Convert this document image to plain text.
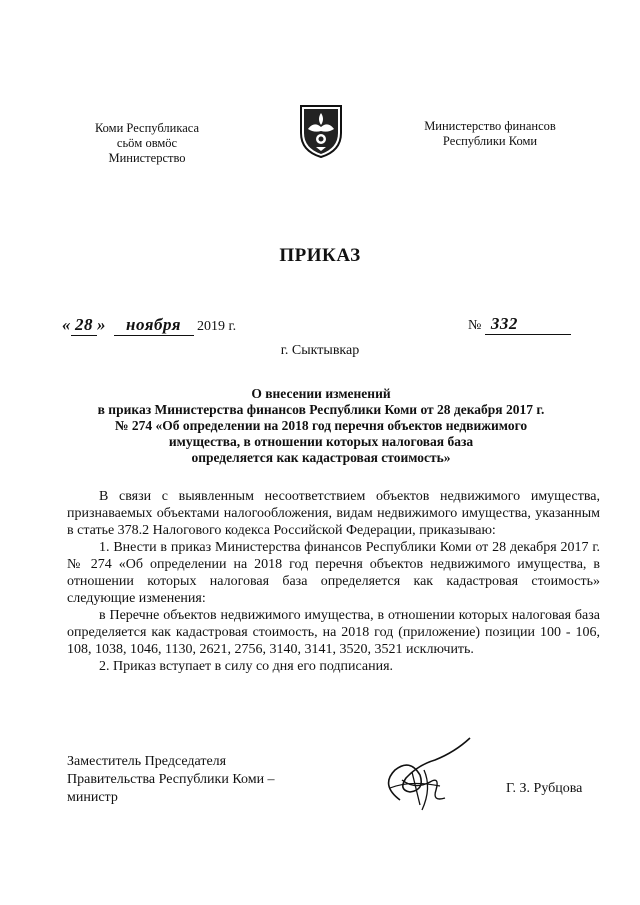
Коми Республикаса
сьӧм овмӧс
Министерство
Министерство финансов
Республики Коми
ПРИКАЗ
« 28 » ноября 2019 г.	№ 332
г. Сыктывкар
О внесении изменений
в приказ Министерства финансов Республики Коми от 28 декабря 2017 г.
№ 274 «Об определении на 2018 год перечня объектов недвижимого
имущества, в отношении которых налоговая база
определяется как кадастровая стоимость»

В связи с выявленным несоответствием объектов недвижимого имущества, признаваемых объектами налогообложения, видам недвижимого имущества, указанным в статье 378.2 Налогового кодекса Российской Федерации, приказываю:

1. Внести в приказ Министерства финансов Республики Коми от 28 декабря 2017 г. № 274 «Об определении на 2018 год перечня объектов недвижимого имущества, в отношении которых налоговая база определяется как кадастровая стоимость» следующие изменения:

в Перечне объектов недвижимого имущества, в отношении которых налоговая база определяется как кадастровая стоимость, на 2018 год (приложение) позиции 100 - 106, 108, 1038, 1046, 1130, 2621, 2756, 3140, 3141, 3520, 3521 исключить.

2. Приказ вступает в силу со дня его подписания.

Заместитель Председателя
Правительства Республики Коми –
министр
Г. З. Рубцова
